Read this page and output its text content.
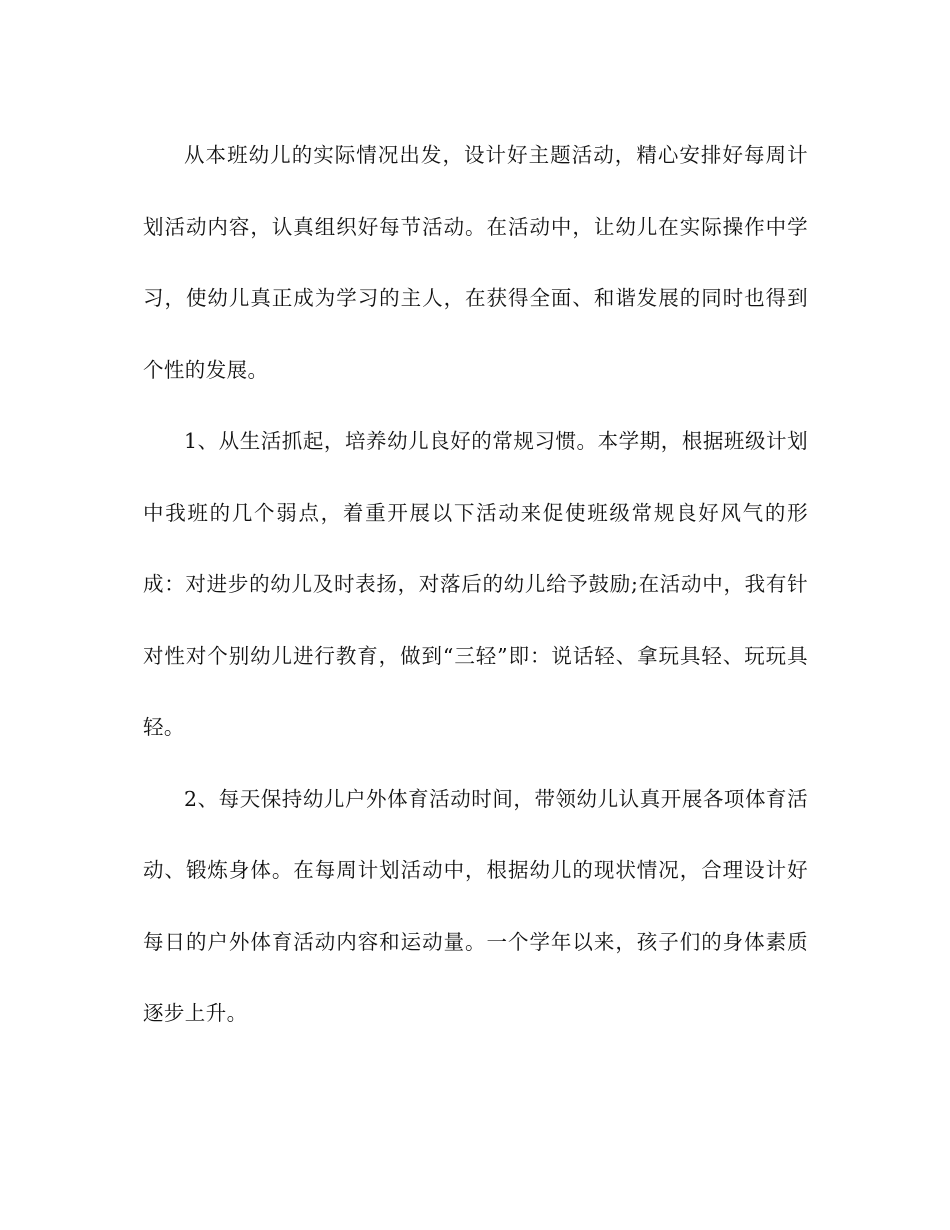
从本班幼儿的实际情况出发，设计好主题活动，精心安排好每周计划活动内容，认真组织好每节活动。在活动中，让幼儿在实际操作中学习，使幼儿真正成为学习的主人，在获得全面、和谐发展的同时也得到个性的发展。

1、从生活抓起，培养幼儿良好的常规习惯。本学期，根据班级计划中我班的几个弱点，着重开展以下活动来促使班级常规良好风气的形成：对进步的幼儿及时表扬，对落后的幼儿给予鼓励;在活动中，我有针对性对个别幼儿进行教育，做到“三轻”即：说话轻、拿玩具轻、玩玩具轻。

2、每天保持幼儿户外体育活动时间，带领幼儿认真开展各项体育活动、锻炼身体。在每周计划活动中，根据幼儿的现状情况，合理设计好每日的户外体育活动内容和运动量。一个学年以来，孩子们的身体素质逐步上升。
